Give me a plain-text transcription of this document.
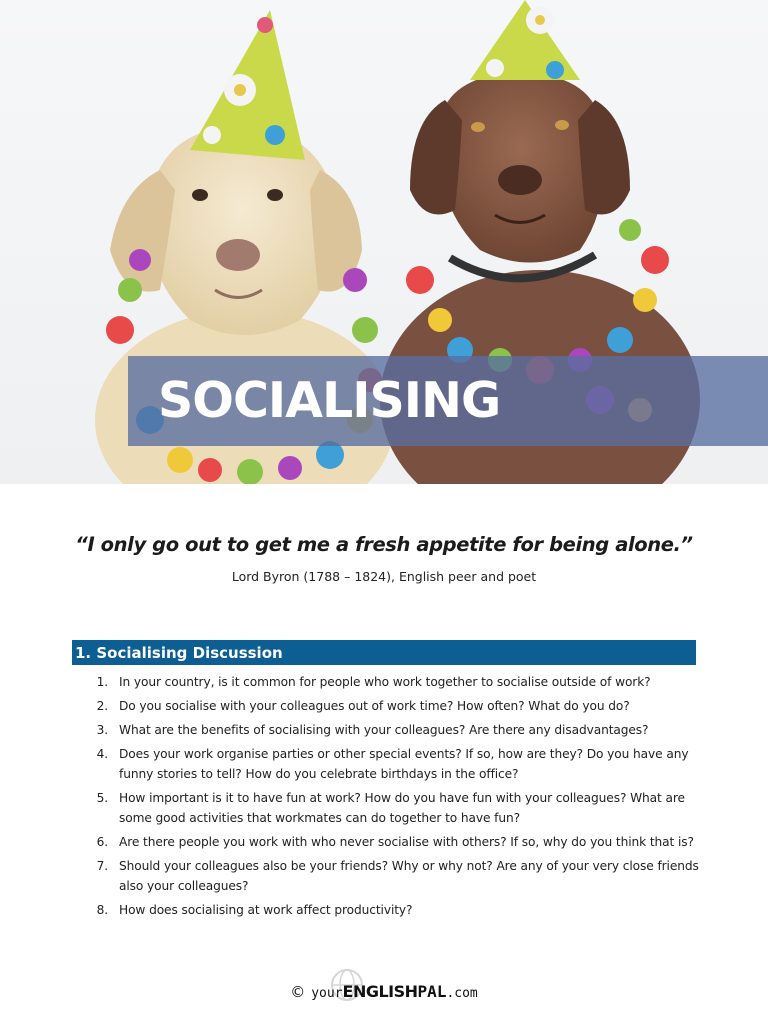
SOCIALISING
“I only go out to get me a fresh appetite for being alone.”
Lord Byron (1788 – 1824), English peer and poet
1. Socialising Discussion
1. In your country, is it common for people who work together to socialise outside of work?
2. Do you socialise with your colleagues out of work time? How often? What do you do?
3. What are the benefits of socialising with your colleagues? Are there any disadvantages?
4. Does your work organise parties or other special events? If so, how are they? Do you have any funny stories to tell? How do you celebrate birthdays in the office?
5. How important is it to have fun at work? How do you have fun with your colleagues? What are some good activities that workmates can do together to have fun?
6. Are there people you work with who never socialise with others? If so, why do you think that is?
7. Should your colleagues also be your friends? Why or why not? Are any of your very close friends also your colleagues?
8. How does socialising at work affect productivity?
© yourENGLISHPAL.com
